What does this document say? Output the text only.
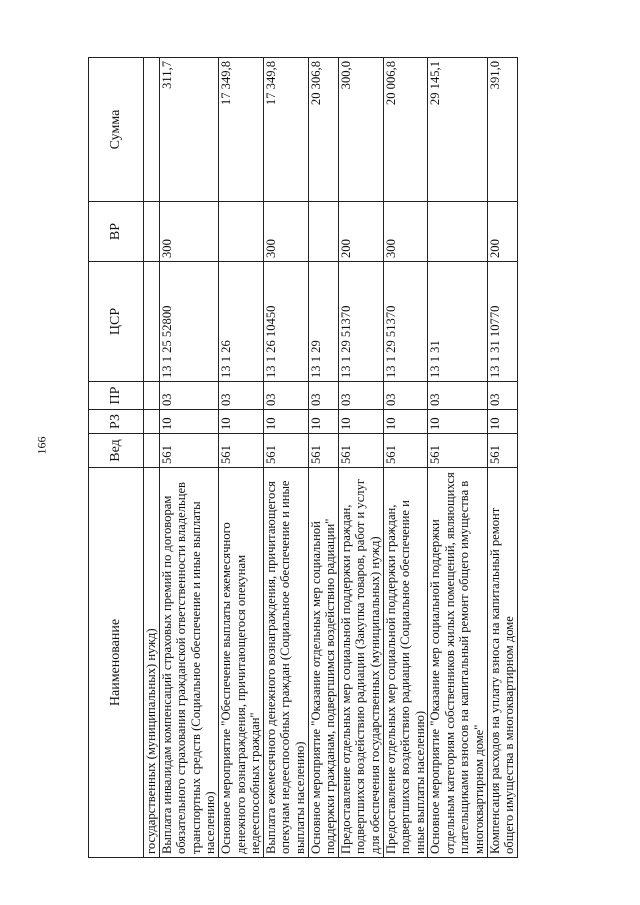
166
Наименование	Вед	РЗ	ПР	ЦСР	ВР	Сумма
государственных (муниципальных) нужд)						
Выплата инвалидам компенсаций страховых премий по договорам обязательного страхования гражданской ответственности владельцев транспортных средств (Социальное обеспечение и иные выплаты населению)	561	10	03	13 1 25 52800	300	311,7
Основное мероприятие "Обеспечение выплаты ежемесячного денежного вознаграждения, причитающегося опекунам недееспособных граждан"	561	10	03	13 1 26		17 349,8
Выплата ежемесячного денежного вознаграждения, причитающегося опекунам недееспособных граждан (Социальное обеспечение и иные выплаты населению)	561	10	03	13 1 26 10450	300	17 349,8
Основное мероприятие "Оказание отдельных мер социальной поддержки гражданам, подвергшимся воздействию радиации"	561	10	03	13 1 29		20 306,8
Предоставление отдельных мер социальной поддержки граждан, подвергшихся воздействию радиации (Закупка товаров, работ и услуг для обеспечения государственных (муниципальных) нужд)	561	10	03	13 1 29 51370	200	300,0
Предоставление отдельных мер социальной поддержки граждан, подвергшихся воздействию радиации (Социальное обеспечение и иные выплаты населению)	561	10	03	13 1 29 51370	300	20 006,8
Основное мероприятие "Оказание мер социальной поддержки отдельным категориям собственников жилых помещений, являющихся плательщиками взносов на капитальный ремонт общего имущества в многоквартирном доме"	561	10	03	13 1 31		29 145,1
Компенсация расходов на уплату взноса на капитальный ремонт общего имущества в многоквартирном доме	561	10	03	13 1 31 10770	200	391,0
